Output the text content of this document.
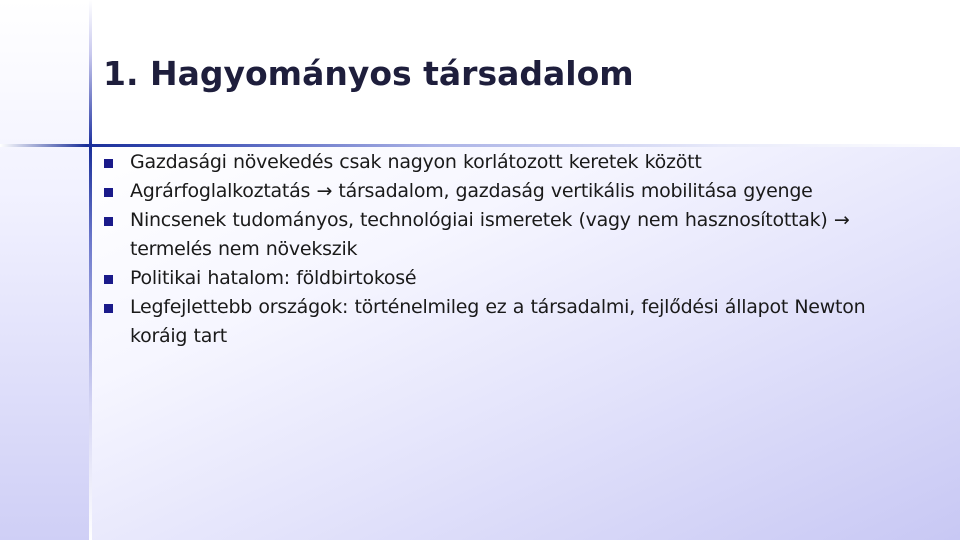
1. Hagyományos társadalom
Gazdasági növekedés csak nagyon korlátozott keretek között
Agrárfoglalkoztatás → társadalom, gazdaság vertikális mobilitása gyenge
Nincsenek tudományos, technológiai ismeretek (vagy nem hasznosítottak) → termelés nem növekszik
Politikai hatalom: földbirtokosé
Legfejlettebb országok: történelmileg ez a társadalmi, fejlődési állapot Newton koráig tart
